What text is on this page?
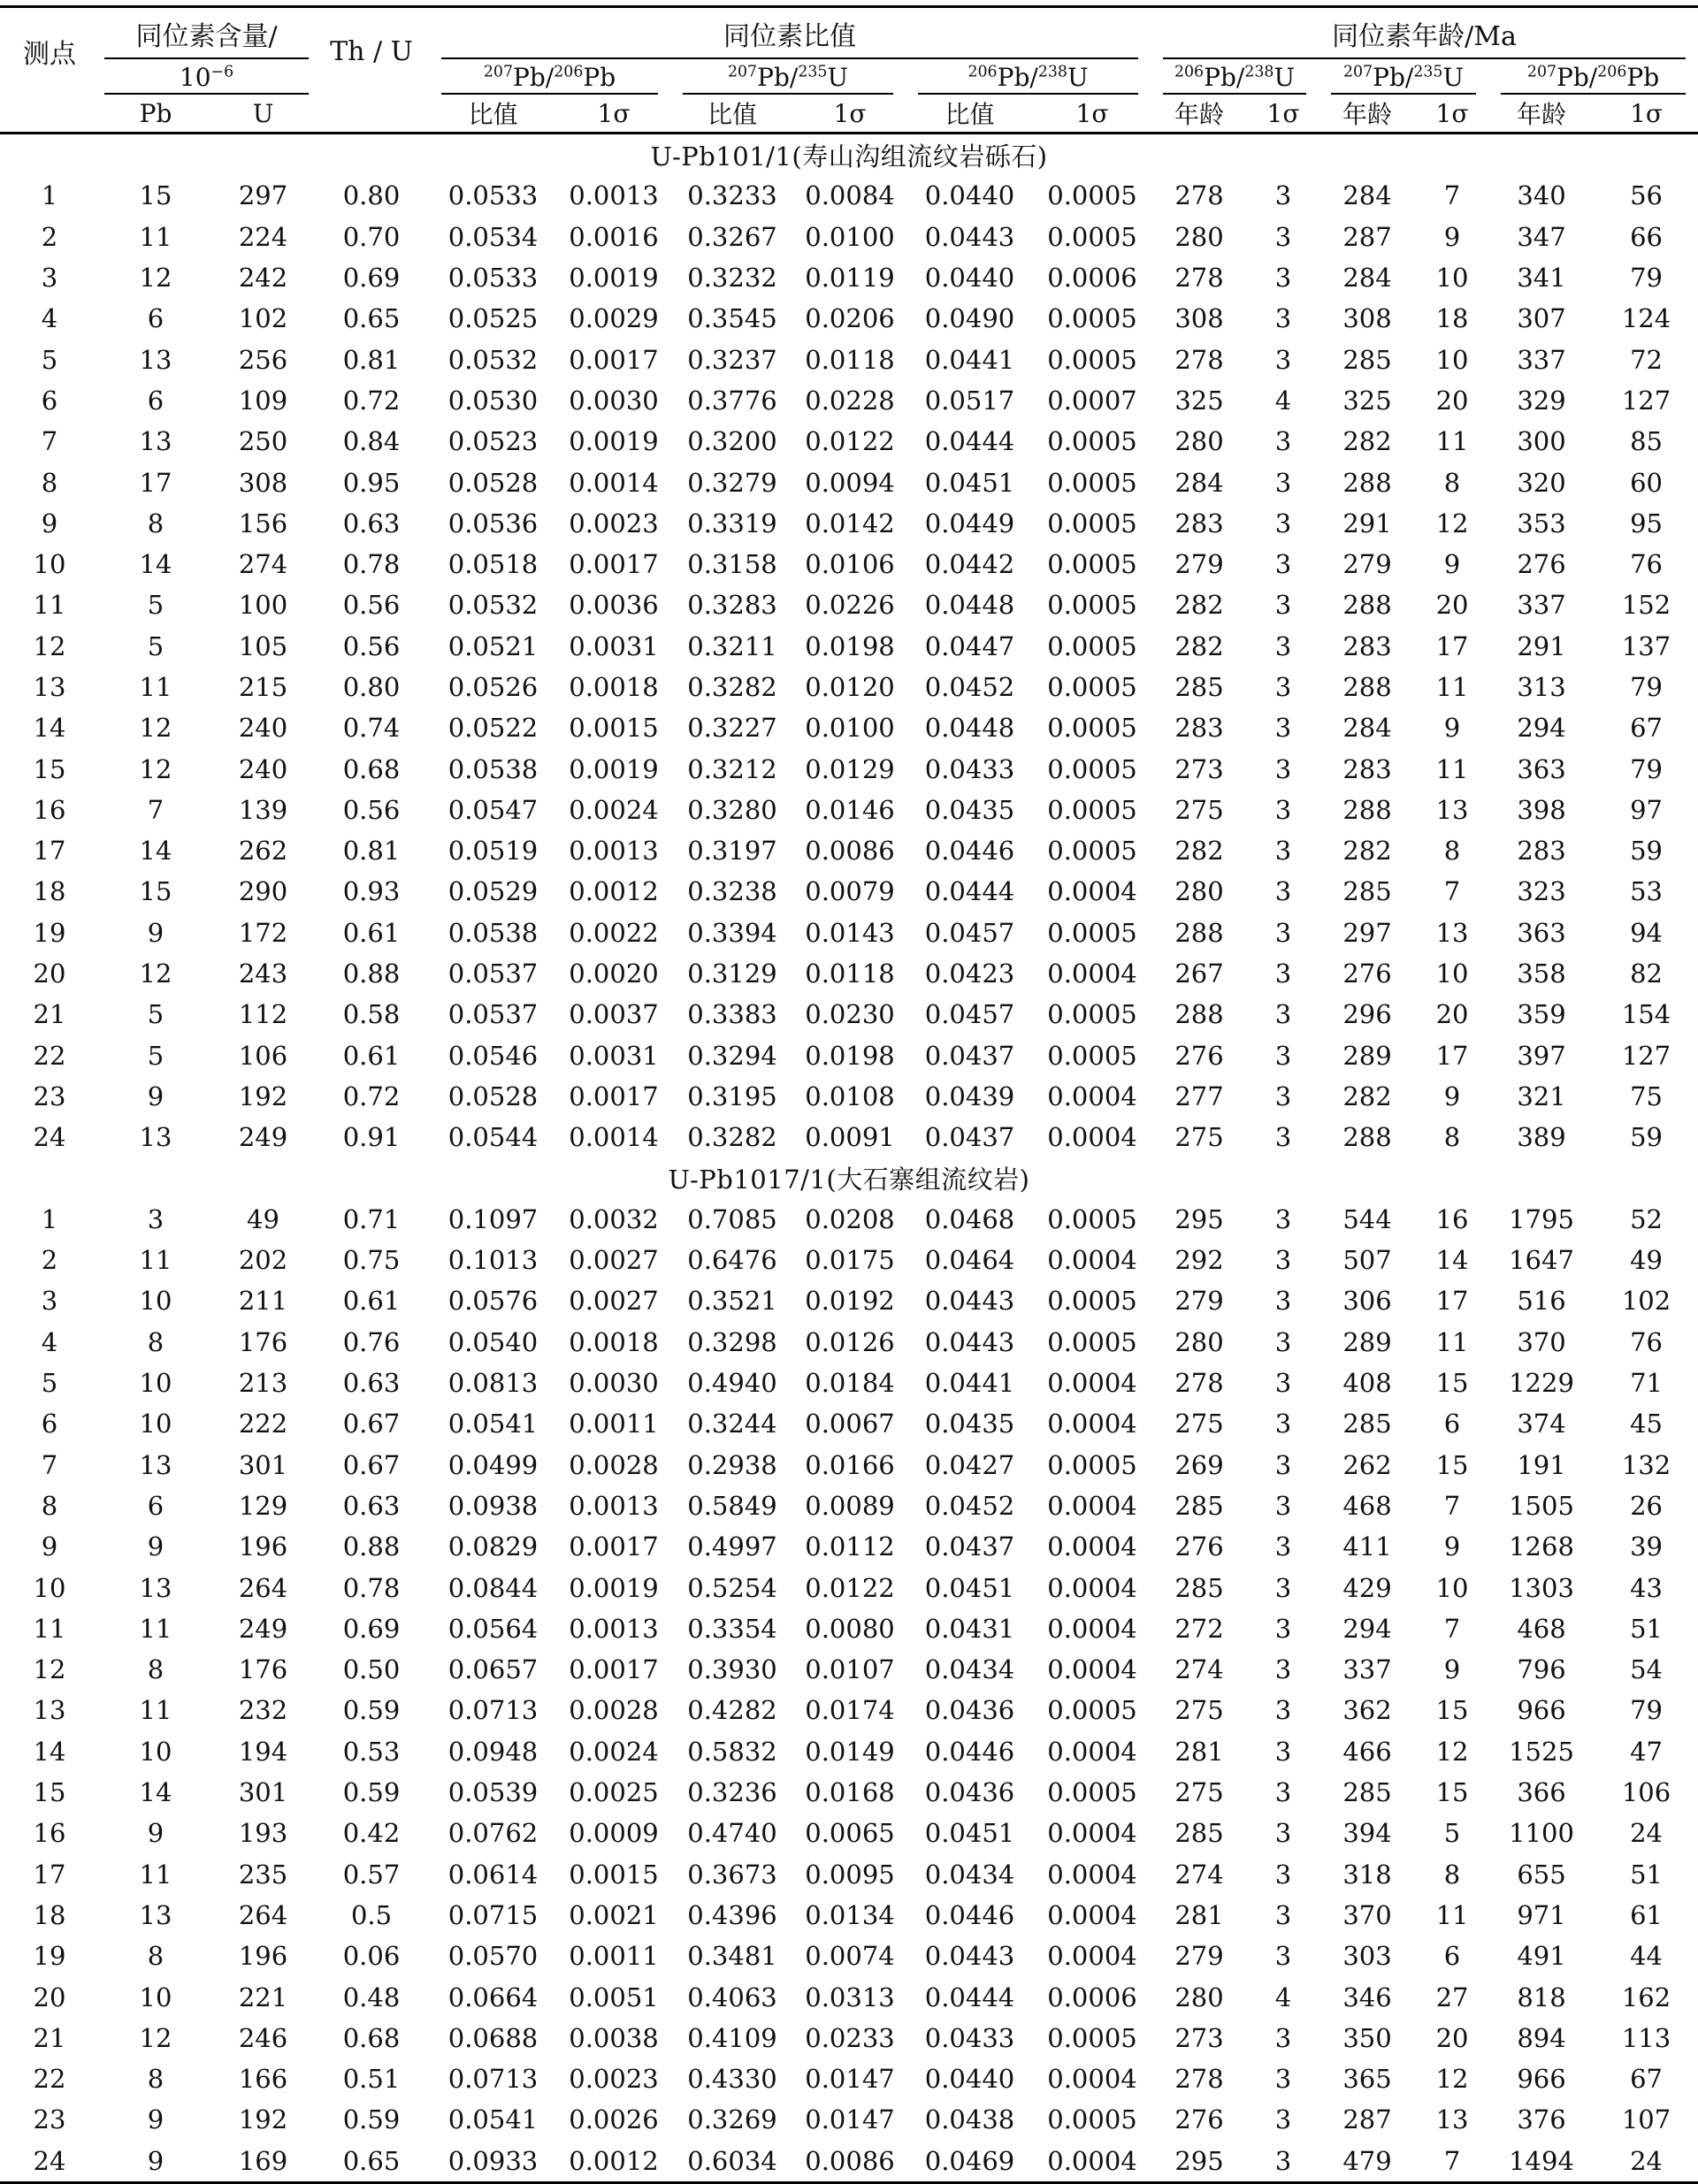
测点	同位素含量/		Th / U	同位素比值						同位素年龄/Ma					
	$10^{-6}$			$^{207}$Pb/$^{206}$Pb		$^{207}$Pb/$^{235}$U		$^{206}$Pb/$^{238}$U		$^{206}$Pb/$^{238}$U		$^{207}$Pb/$^{235}$U		$^{207}$Pb/$^{206}$Pb	
	Pb	U		比值	1σ	比值	1σ	比值	1σ	年龄	1σ	年龄	1σ	年龄	1σ
U-Pb101/1(寿山沟组流纹岩砾石)															
1	15	297	0.80	0.0533	0.0013	0.3233	0.0084	0.0440	0.0005	278	3	284	7	340	56
2	11	224	0.70	0.0534	0.0016	0.3267	0.0100	0.0443	0.0005	280	3	287	9	347	66
3	12	242	0.69	0.0533	0.0019	0.3232	0.0119	0.0440	0.0006	278	3	284	10	341	79
4	6	102	0.65	0.0525	0.0029	0.3545	0.0206	0.0490	0.0005	308	3	308	18	307	124
5	13	256	0.81	0.0532	0.0017	0.3237	0.0118	0.0441	0.0005	278	3	285	10	337	72
6	6	109	0.72	0.0530	0.0030	0.3776	0.0228	0.0517	0.0007	325	4	325	20	329	127
7	13	250	0.84	0.0523	0.0019	0.3200	0.0122	0.0444	0.0005	280	3	282	11	300	85
8	17	308	0.95	0.0528	0.0014	0.3279	0.0094	0.0451	0.0005	284	3	288	8	320	60
9	8	156	0.63	0.0536	0.0023	0.3319	0.0142	0.0449	0.0005	283	3	291	12	353	95
10	14	274	0.78	0.0518	0.0017	0.3158	0.0106	0.0442	0.0005	279	3	279	9	276	76
11	5	100	0.56	0.0532	0.0036	0.3283	0.0226	0.0448	0.0005	282	3	288	20	337	152
12	5	105	0.56	0.0521	0.0031	0.3211	0.0198	0.0447	0.0005	282	3	283	17	291	137
13	11	215	0.80	0.0526	0.0018	0.3282	0.0120	0.0452	0.0005	285	3	288	11	313	79
14	12	240	0.74	0.0522	0.0015	0.3227	0.0100	0.0448	0.0005	283	3	284	9	294	67
15	12	240	0.68	0.0538	0.0019	0.3212	0.0129	0.0433	0.0005	273	3	283	11	363	79
16	7	139	0.56	0.0547	0.0024	0.3280	0.0146	0.0435	0.0005	275	3	288	13	398	97
17	14	262	0.81	0.0519	0.0013	0.3197	0.0086	0.0446	0.0005	282	3	282	8	283	59
18	15	290	0.93	0.0529	0.0012	0.3238	0.0079	0.0444	0.0004	280	3	285	7	323	53
19	9	172	0.61	0.0538	0.0022	0.3394	0.0143	0.0457	0.0005	288	3	297	13	363	94
20	12	243	0.88	0.0537	0.0020	0.3129	0.0118	0.0423	0.0004	267	3	276	10	358	82
21	5	112	0.58	0.0537	0.0037	0.3383	0.0230	0.0457	0.0005	288	3	296	20	359	154
22	5	106	0.61	0.0546	0.0031	0.3294	0.0198	0.0437	0.0005	276	3	289	17	397	127
23	9	192	0.72	0.0528	0.0017	0.3195	0.0108	0.0439	0.0004	277	3	282	9	321	75
24	13	249	0.91	0.0544	0.0014	0.3282	0.0091	0.0437	0.0004	275	3	288	8	389	59
U-Pb1017/1(大石寨组流纹岩)															
1	3	49	0.71	0.1097	0.0032	0.7085	0.0208	0.0468	0.0005	295	3	544	16	1795	52
2	11	202	0.75	0.1013	0.0027	0.6476	0.0175	0.0464	0.0004	292	3	507	14	1647	49
3	10	211	0.61	0.0576	0.0027	0.3521	0.0192	0.0443	0.0005	279	3	306	17	516	102
4	8	176	0.76	0.0540	0.0018	0.3298	0.0126	0.0443	0.0005	280	3	289	11	370	76
5	10	213	0.63	0.0813	0.0030	0.4940	0.0184	0.0441	0.0004	278	3	408	15	1229	71
6	10	222	0.67	0.0541	0.0011	0.3244	0.0067	0.0435	0.0004	275	3	285	6	374	45
7	13	301	0.67	0.0499	0.0028	0.2938	0.0166	0.0427	0.0005	269	3	262	15	191	132
8	6	129	0.63	0.0938	0.0013	0.5849	0.0089	0.0452	0.0004	285	3	468	7	1505	26
9	9	196	0.88	0.0829	0.0017	0.4997	0.0112	0.0437	0.0004	276	3	411	9	1268	39
10	13	264	0.78	0.0844	0.0019	0.5254	0.0122	0.0451	0.0004	285	3	429	10	1303	43
11	11	249	0.69	0.0564	0.0013	0.3354	0.0080	0.0431	0.0004	272	3	294	7	468	51
12	8	176	0.50	0.0657	0.0017	0.3930	0.0107	0.0434	0.0004	274	3	337	9	796	54
13	11	232	0.59	0.0713	0.0028	0.4282	0.0174	0.0436	0.0005	275	3	362	15	966	79
14	10	194	0.53	0.0948	0.0024	0.5832	0.0149	0.0446	0.0004	281	3	466	12	1525	47
15	14	301	0.59	0.0539	0.0025	0.3236	0.0168	0.0436	0.0005	275	3	285	15	366	106
16	9	193	0.42	0.0762	0.0009	0.4740	0.0065	0.0451	0.0004	285	3	394	5	1100	24
17	11	235	0.57	0.0614	0.0015	0.3673	0.0095	0.0434	0.0004	274	3	318	8	655	51
18	13	264	0.5	0.0715	0.0021	0.4396	0.0134	0.0446	0.0004	281	3	370	11	971	61
19	8	196	0.06	0.0570	0.0011	0.3481	0.0074	0.0443	0.0004	279	3	303	6	491	44
20	10	221	0.48	0.0664	0.0051	0.4063	0.0313	0.0444	0.0006	280	4	346	27	818	162
21	12	246	0.68	0.0688	0.0038	0.4109	0.0233	0.0433	0.0005	273	3	350	20	894	113
22	8	166	0.51	0.0713	0.0023	0.4330	0.0147	0.0440	0.0004	278	3	365	12	966	67
23	9	192	0.59	0.0541	0.0026	0.3269	0.0147	0.0438	0.0005	276	3	287	13	376	107
24	9	169	0.65	0.0933	0.0012	0.6034	0.0086	0.0469	0.0004	295	3	479	7	1494	24
